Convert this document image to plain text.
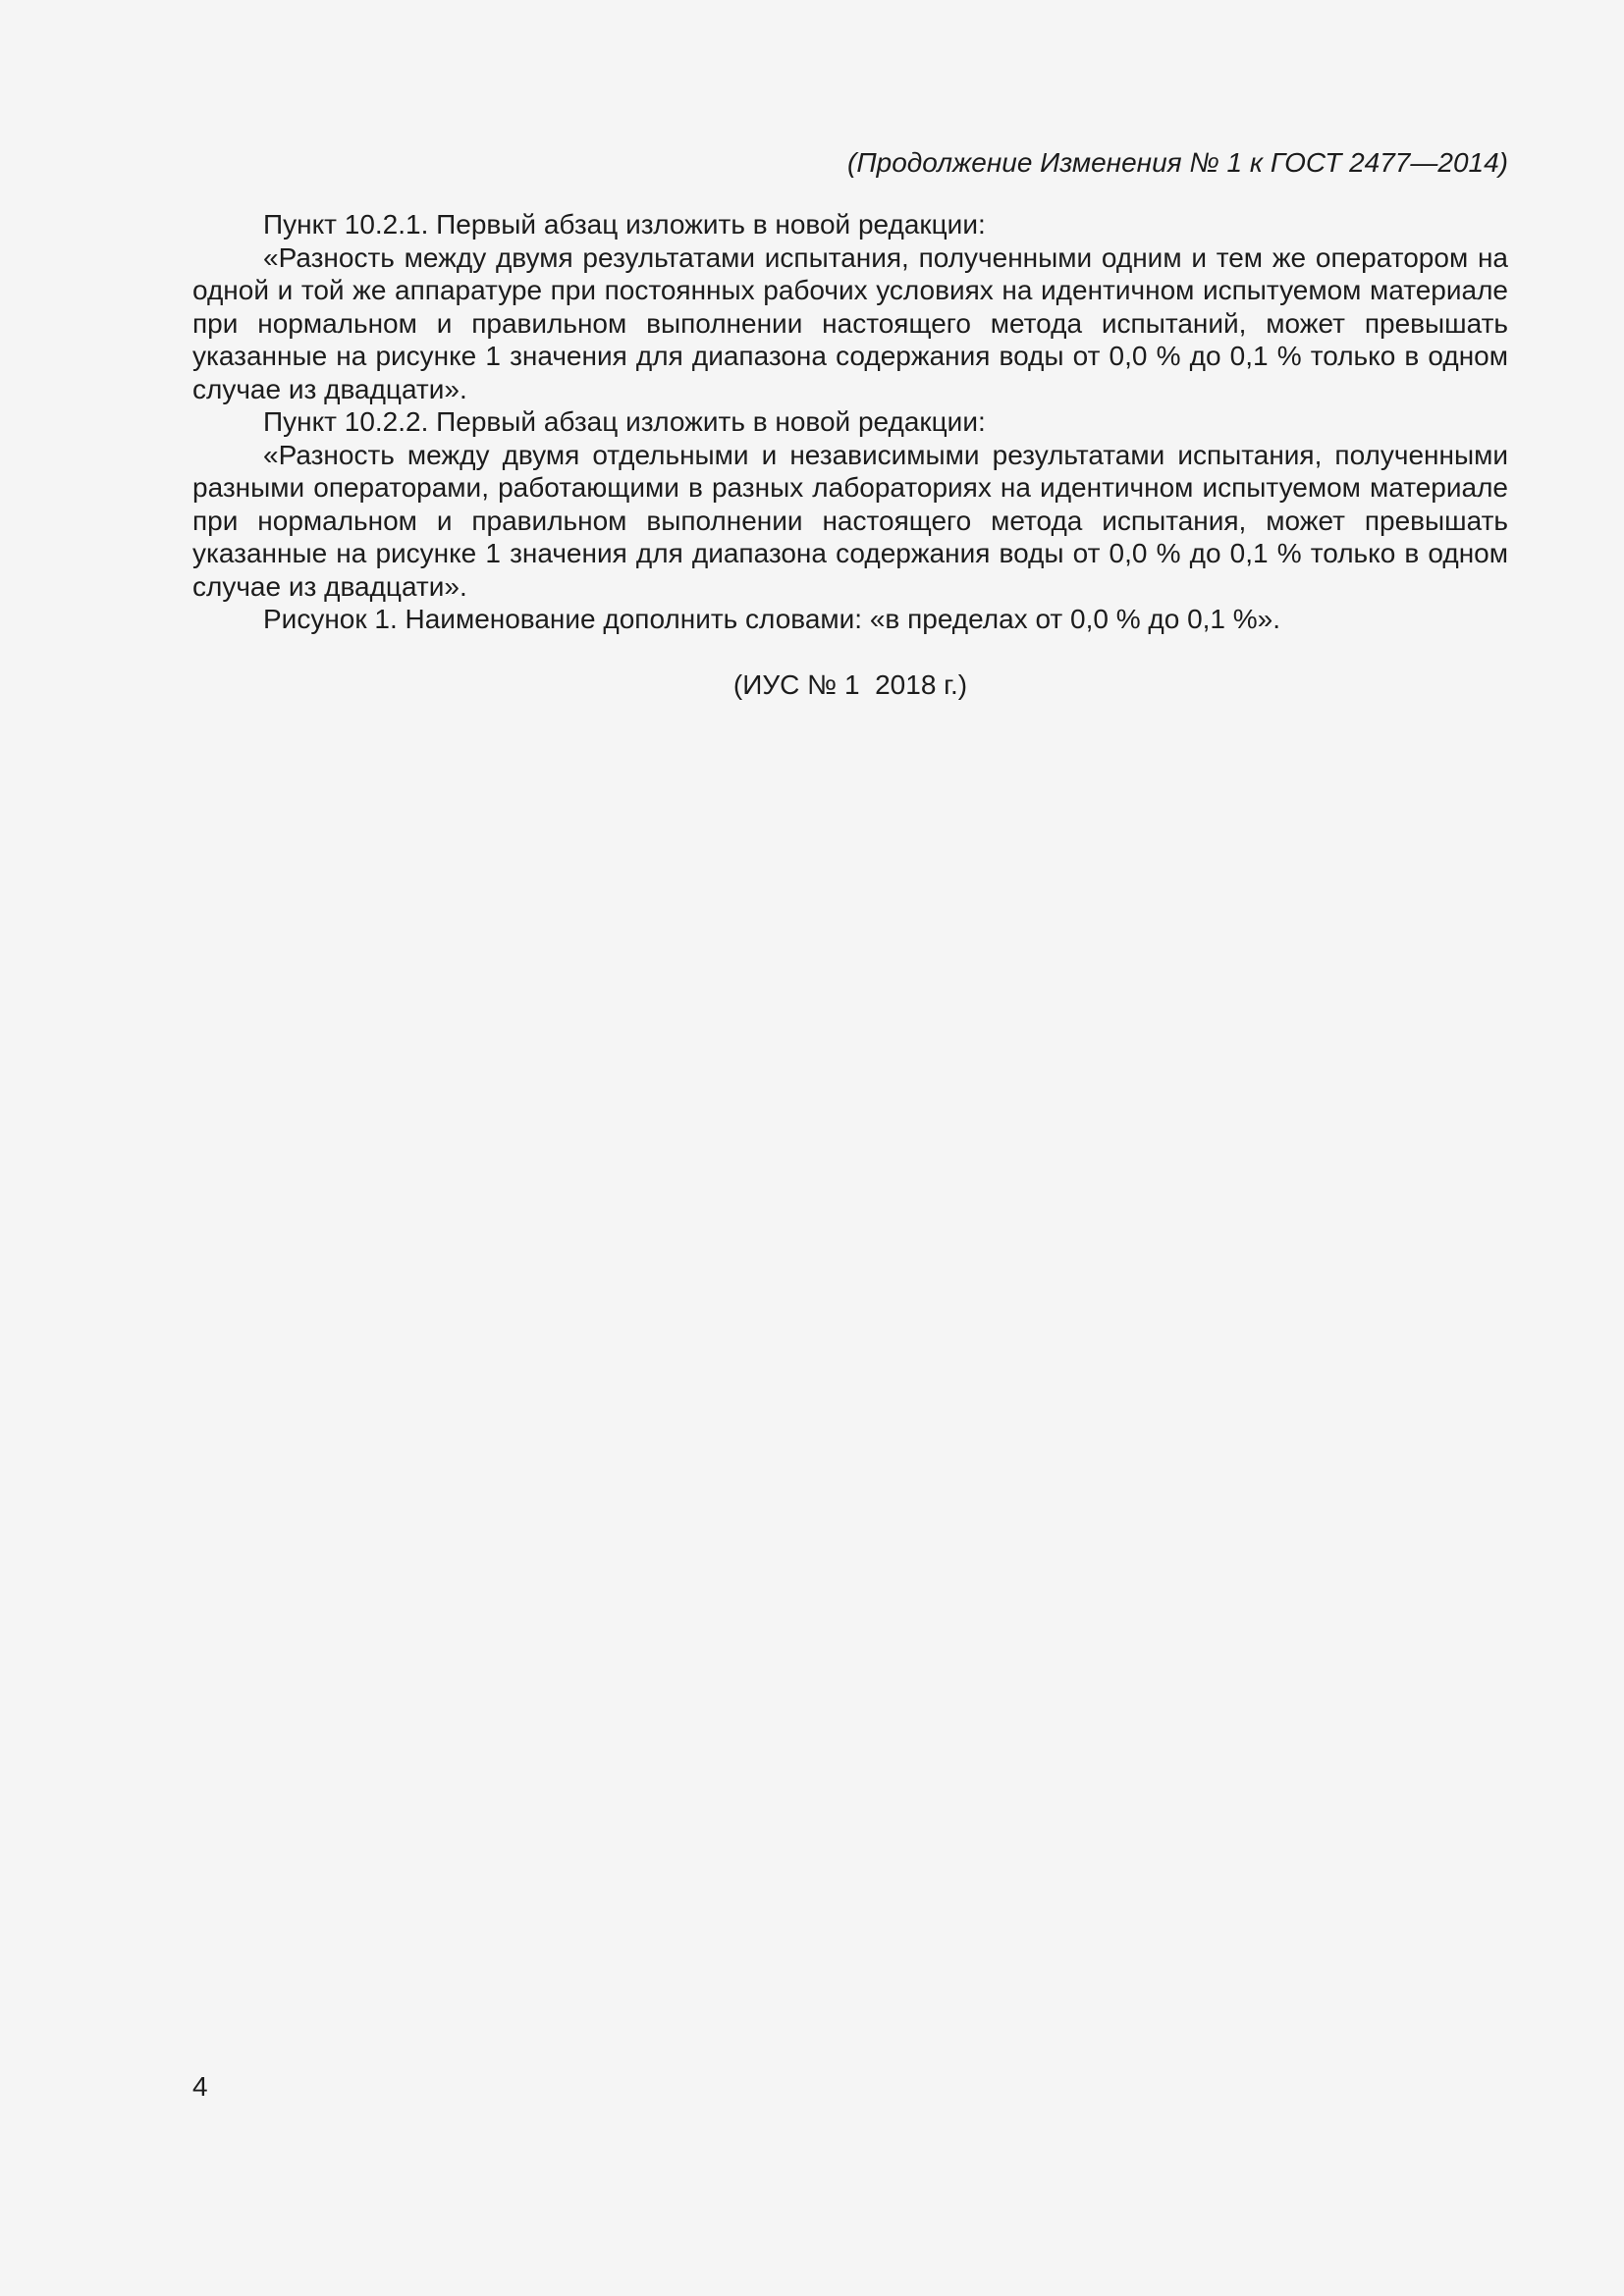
(Продолжение Изменения № 1 к ГОСТ 2477—2014)

Пункт 10.2.1. Первый абзац изложить в новой редакции:

«Разность между двумя результатами испытания, полученными одним и тем же оператором на одной и той же аппаратуре при постоянных рабочих условиях на идентичном испытуемом материале при нормальном и правильном выполнении настоящего метода испытаний, может превышать указанные на рисунке 1 значения для диапазона содержания воды от 0,0 % до 0,1 % только в одном случае из двадцати».

Пункт 10.2.2. Первый абзац изложить в новой редакции:

«Разность между двумя отдельными и независимыми результатами испытания, полученными разными операторами, работающими в разных лабораториях на идентичном испытуемом материале при нормальном и правильном выполнении настоящего метода испытания, может превышать указанные на рисунке 1 значения для диапазона содержания воды от 0,0 % до 0,1 % только в одном случае из двадцати».

Рисунок 1. Наименование дополнить словами: «в пределах от 0,0 % до 0,1 %».

(ИУС № 1  2018 г.)
4
